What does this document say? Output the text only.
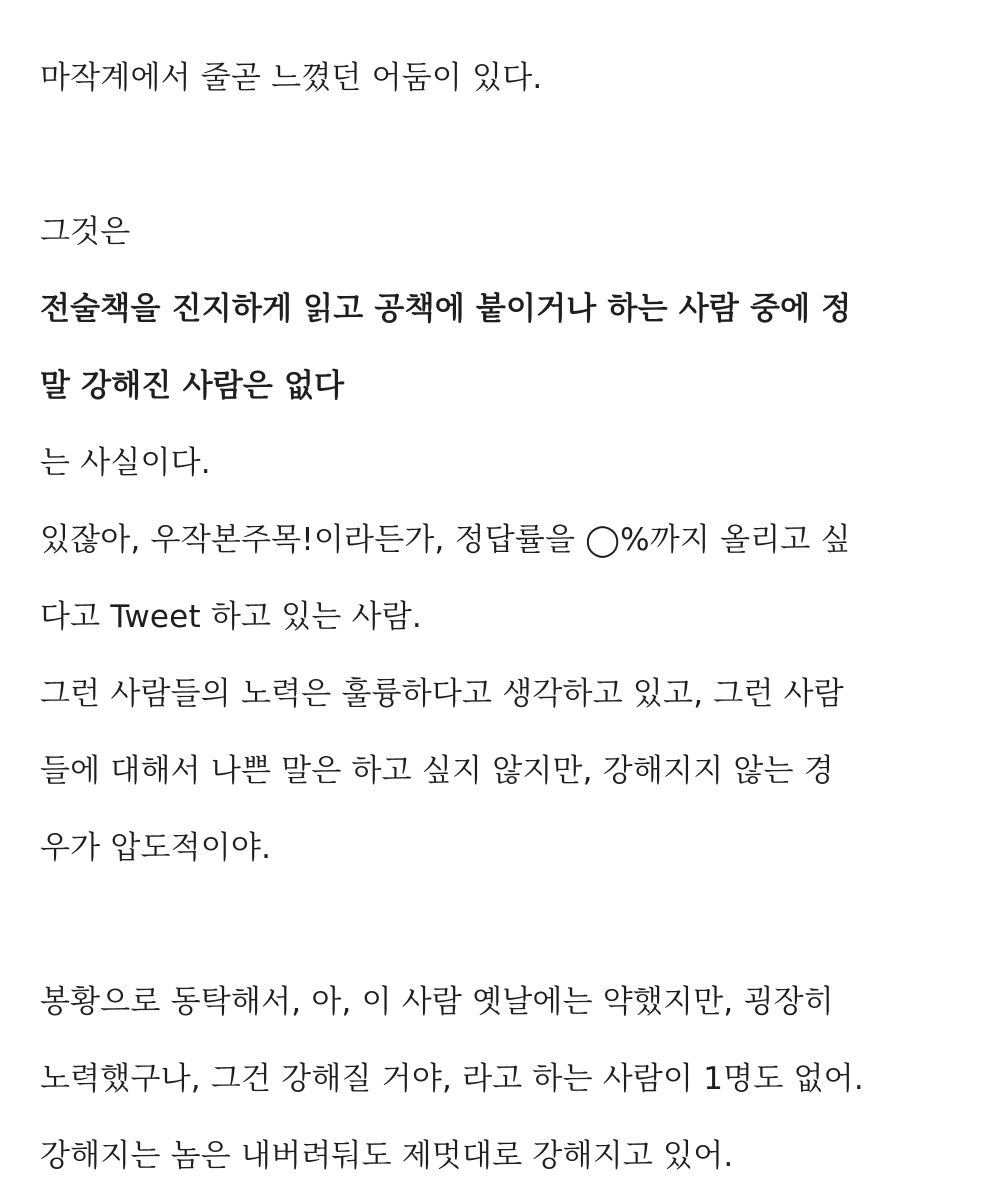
마작계에서 줄곧 느꼈던 어둠이 있다.
그것은
전술책을 진지하게 읽고 공책에 붙이거나 하는 사람 중에 정
말 강해진 사람은 없다
는 사실이다.
있잖아, 우작본주목!이라든가, 정답률을 ◯%까지 올리고 싶
다고 Tweet 하고 있는 사람.
그런 사람들의 노력은 훌륭하다고 생각하고 있고, 그런 사람
들에 대해서 나쁜 말은 하고 싶지 않지만, 강해지지 않는 경
우가 압도적이야.
봉황으로 동탁해서, 아, 이 사람 옛날에는 약했지만, 굉장히
노력했구나, 그건 강해질 거야, 라고 하는 사람이 1명도 없어.
강해지는 놈은 내버려둬도 제멋대로 강해지고 있어.
